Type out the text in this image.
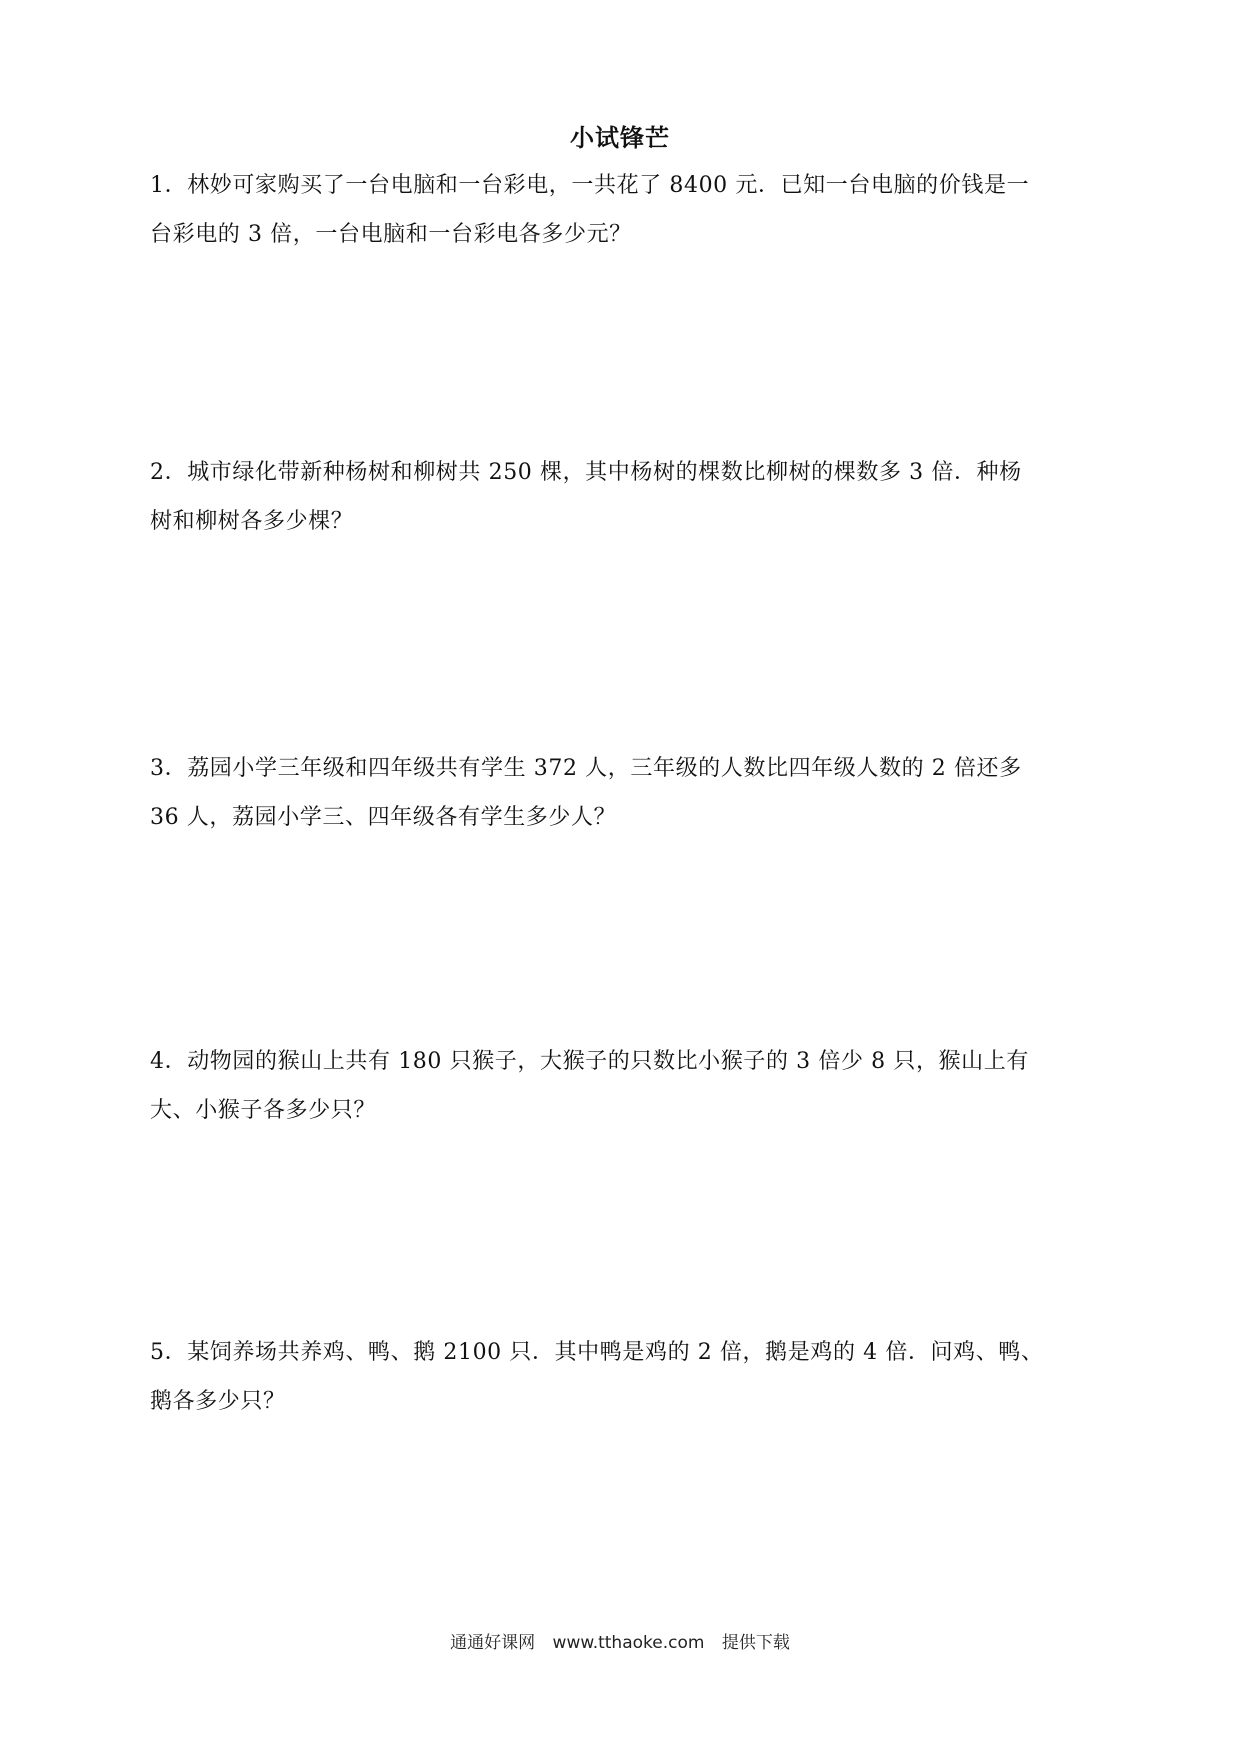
小试锋芒
1．林妙可家购买了一台电脑和一台彩电，一共花了 8400 元．已知一台电脑的价钱是一
台彩电的 3 倍，一台电脑和一台彩电各多少元？
2．城市绿化带新种杨树和柳树共 250 棵，其中杨树的棵数比柳树的棵数多 3 倍．种杨
树和柳树各多少棵？
3．荔园小学三年级和四年级共有学生 372 人，三年级的人数比四年级人数的 2 倍还多
36 人，荔园小学三、四年级各有学生多少人？
4．动物园的猴山上共有 180 只猴子，大猴子的只数比小猴子的 3 倍少 8 只，猴山上有
大、小猴子各多少只？
5．某饲养场共养鸡、鸭、鹅 2100 只．其中鸭是鸡的 2 倍，鹅是鸡的 4 倍．问鸡、鸭、
鹅各多少只？
通通好课网 www.tthaoke.com 提供下载
